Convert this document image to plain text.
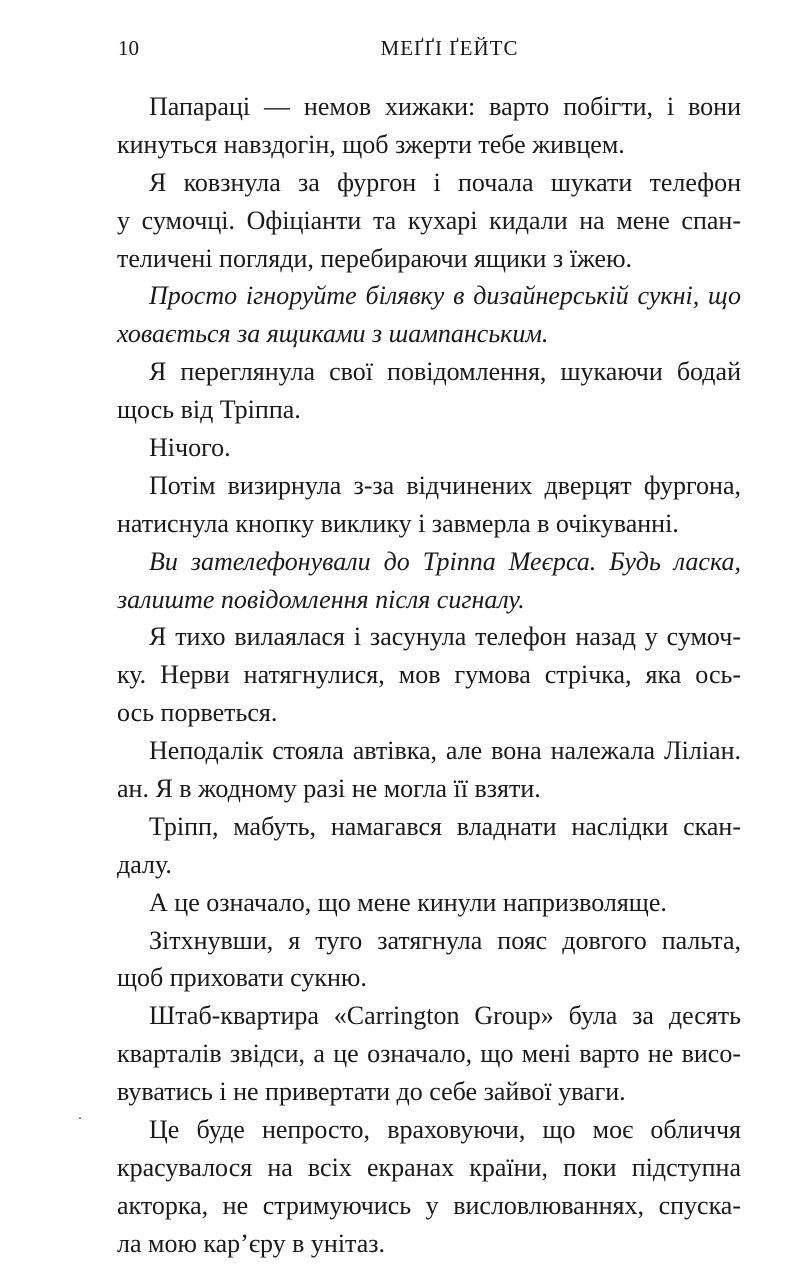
10	МЕҐҐІ ҐЕЙТС
Папараці — немов хижаки: варто побігти, і вони
кинуться навздогін, щоб зжерти тебе живцем.
Я ковзнула за фургон і почала шукати телефон
у сумочці. Офіціанти та кухарі кидали на мене спан-
теличені погляди, перебираючи ящики з їжею.
Просто ігноруйте білявку в дизайнерській сукні, що
ховається за ящиками з шампанським.
Я переглянула свої повідомлення, шукаючи бодай
щось від Тріппа.
Нічого.
Потім визирнула з-за відчинених дверцят фургона,
натиснула кнопку виклику і завмерла в очікуванні.
Ви зателефонували до Тріппа Меєрса. Будь ласка,
залиште повідомлення після сигналу.
Я тихо вилаялася і засунула телефон назад у сумоч-
ку. Нерви натягнулися, мов гумова стрічка, яка ось-
ось порветься.
Неподалік стояла автівка, але вона належала Ліліан.
ан. Я в жодному разі не могла її взяти.
Тріпп, мабуть, намагався владнати наслідки скан-
далу.
А це означало, що мене кинули напризволяще.
Зітхнувши, я туго затягнула пояс довгого пальта,
щоб приховати сукню.
Штаб-квартира «Carrington Group» була за десять
кварталів звідси, а це означало, що мені варто не висо-
вуватись і не привертати до себе зайвої уваги.
Це буде непросто, враховуючи, що моє обличчя
красувалося на всіх екранах країни, поки підступна
акторка, не стримуючись у висловлюваннях, спуска-
ла мою кар’єру в унітаз.
